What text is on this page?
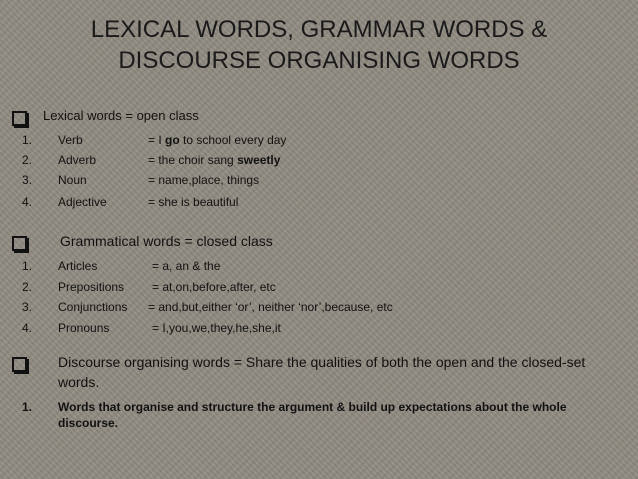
LEXICAL WORDS, GRAMMAR WORDS &
DISCOURSE ORGANISING WORDS
Lexical words = open class
1.	Verb	= I go to school every day
2.	Adverb	= the choir sang sweetly
3.	Noun	= name,place, things
4.	Adjective	= she is beautiful
Grammatical words = closed class
1.	Articles	= a, an & the
2.	Prepositions	= at,on,before,after, etc
3.	Conjunctions	= and,but,either ‘or’, neither ‘nor’,because, etc
4.	Pronouns	= I,you,we,they,he,she,it
Discourse organising words = Share the qualities of both the open and the closed-set words.
1.	Words that organise and structure the argument & build up expectations about the whole discourse.
